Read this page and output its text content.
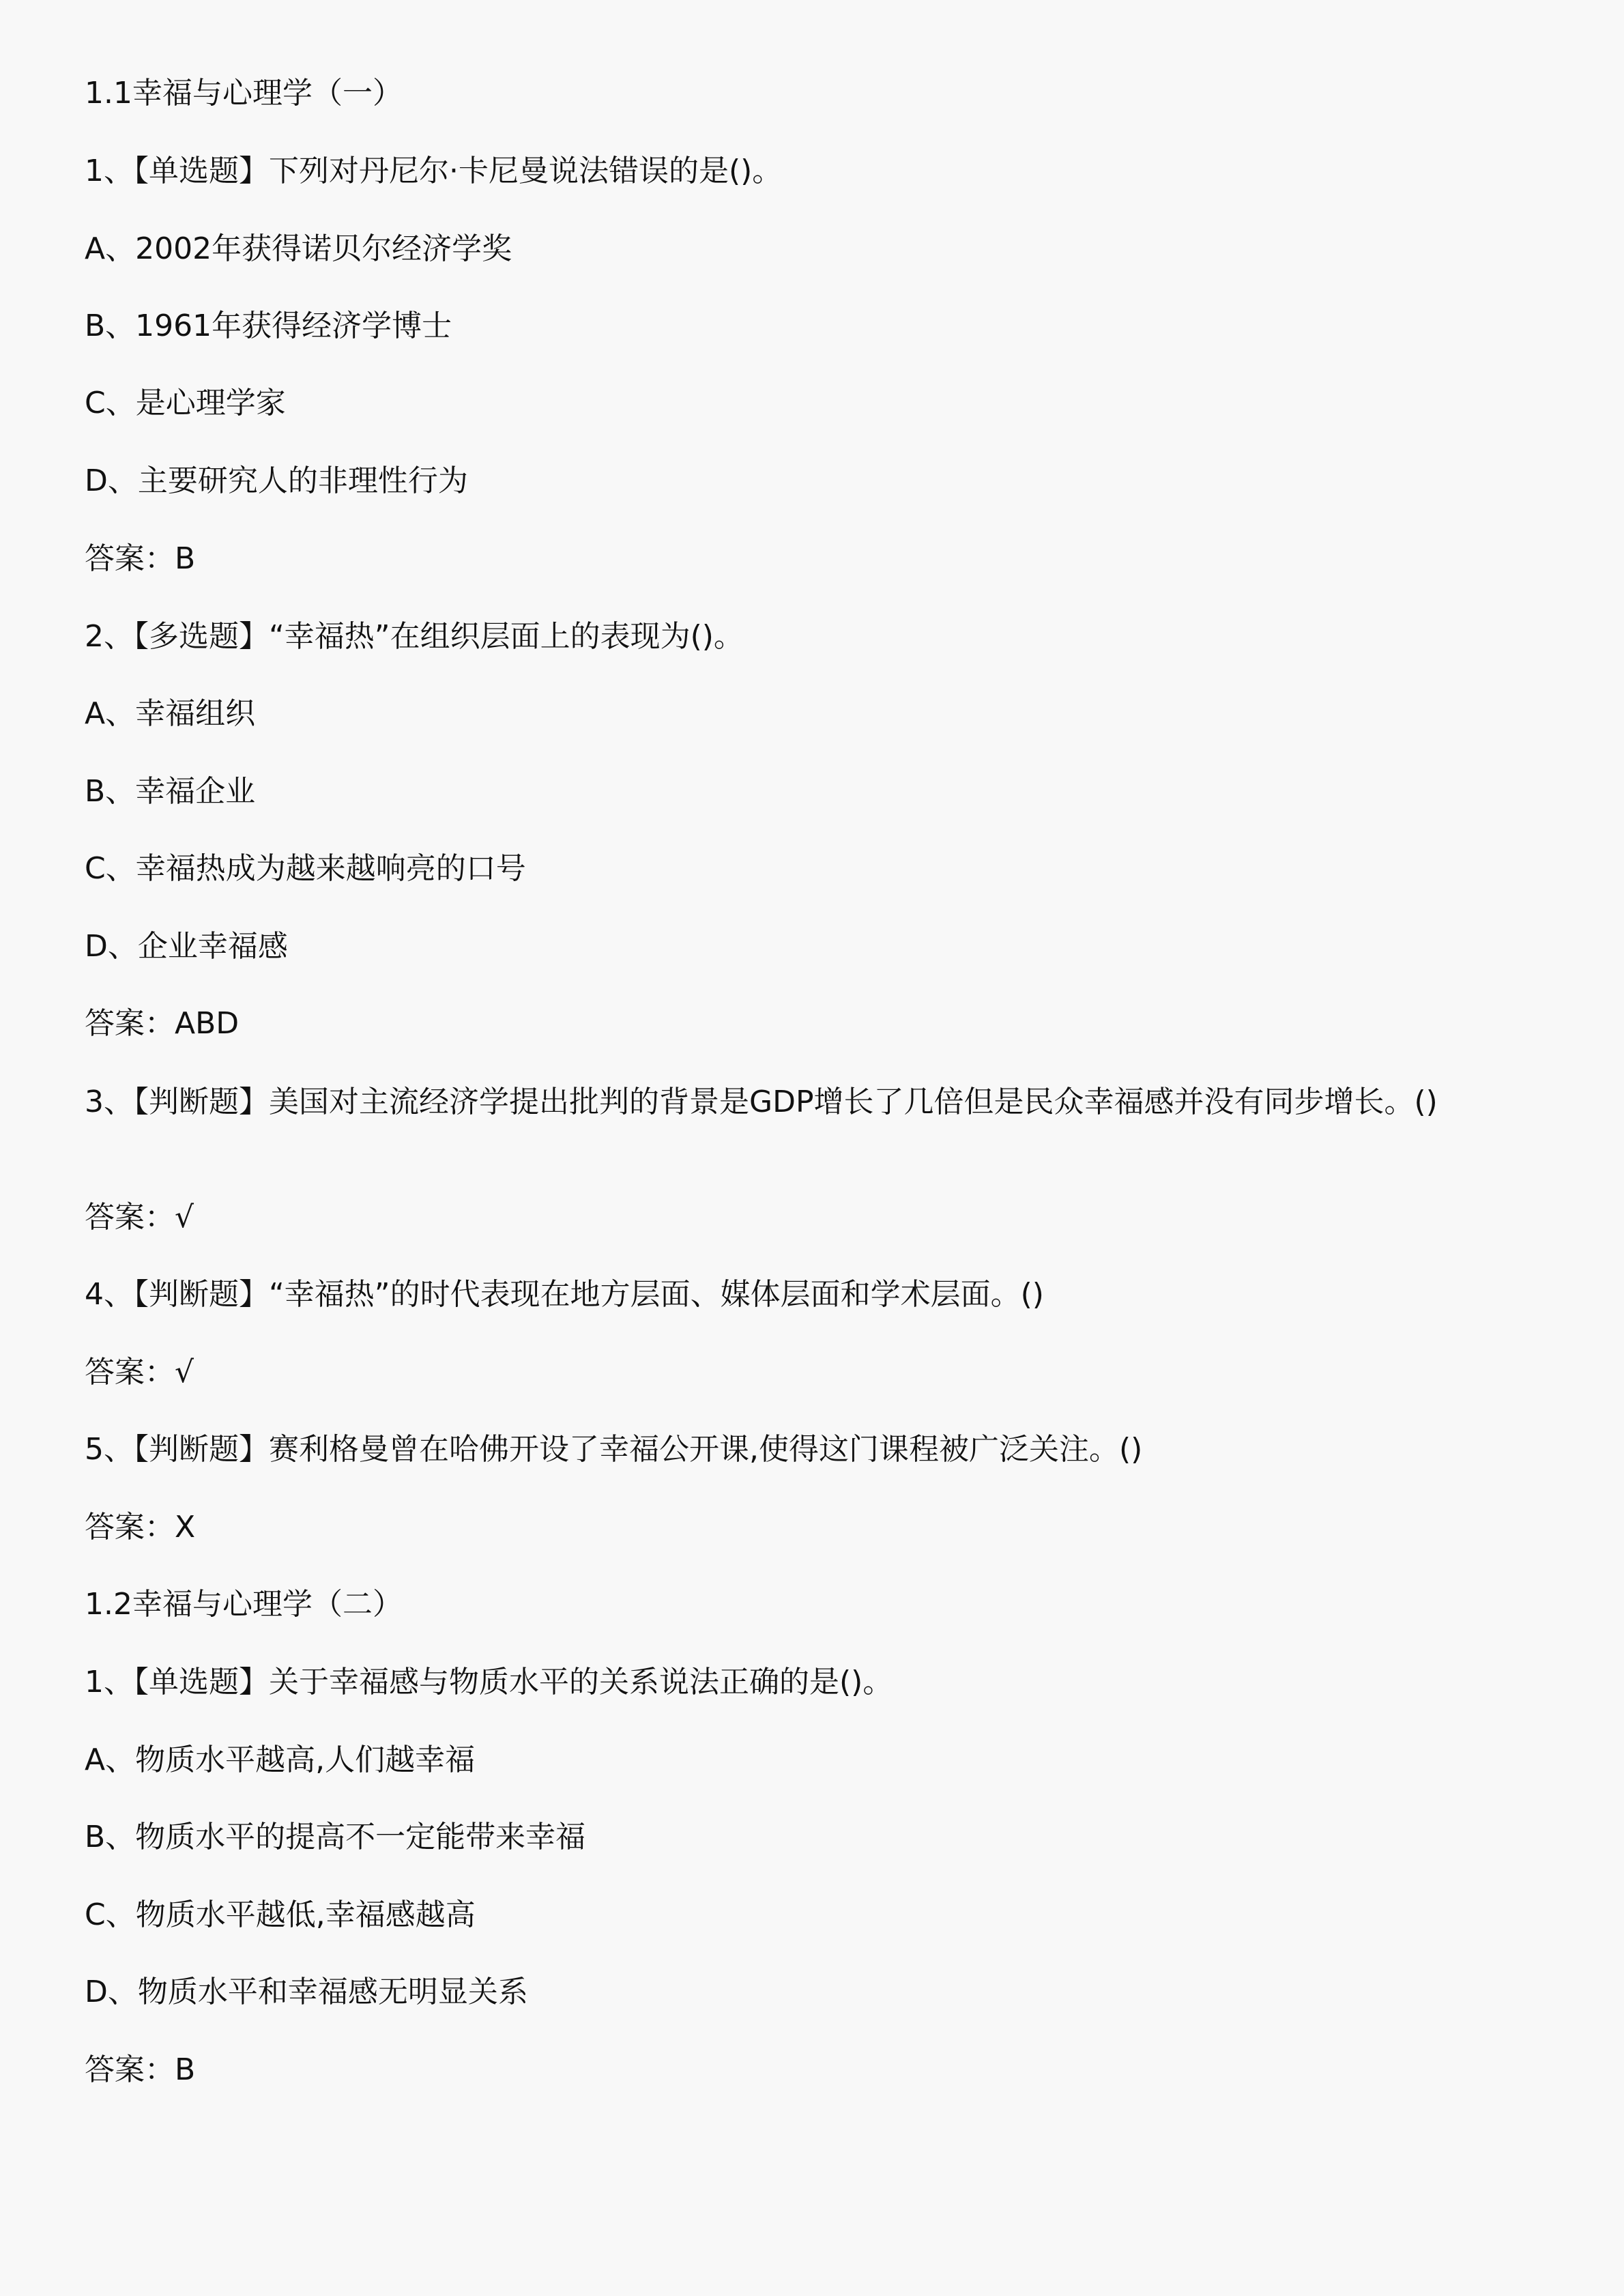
1.1幸福与心理学（一）

1、【单选题】下列对丹尼尔·卡尼曼说法错误的是()。

A、2002年获得诺贝尔经济学奖

B、1961年获得经济学博士

C、是心理学家

D、主要研究人的非理性行为

答案：B

2、【多选题】“幸福热”在组织层面上的表现为()。

A、幸福组织

B、幸福企业

C、幸福热成为越来越响亮的口号

D、企业幸福感

答案：ABD

3、【判断题】美国对主流经济学提出批判的背景是GDP增长了几倍但是民众幸福感并没有同步增长。()

答案：√

4、【判断题】“幸福热”的时代表现在地方层面、媒体层面和学术层面。()

答案：√

5、【判断题】赛利格曼曾在哈佛开设了幸福公开课,使得这门课程被广泛关注。()

答案：X

1.2幸福与心理学（二）

1、【单选题】关于幸福感与物质水平的关系说法正确的是()。

A、物质水平越高,人们越幸福

B、物质水平的提高不一定能带来幸福

C、物质水平越低,幸福感越高

D、物质水平和幸福感无明显关系

答案：B
